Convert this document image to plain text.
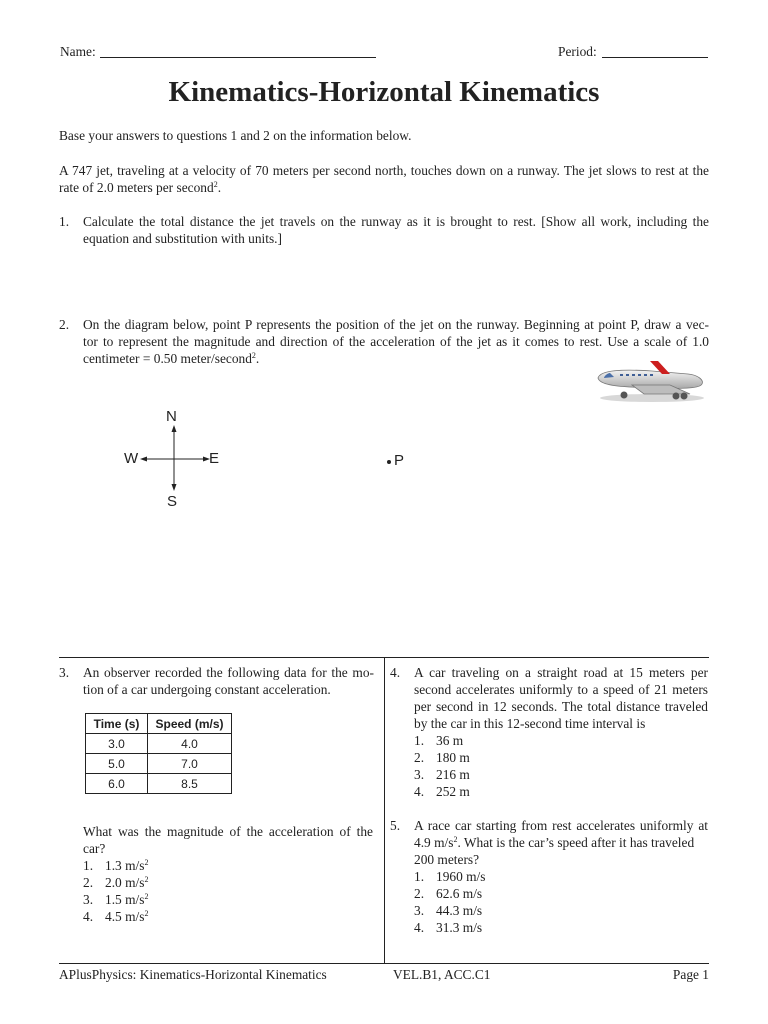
Name:	Period:
Kinematics-Horizontal Kinematics
Base your answers to questions 1 and 2 on the information below.
A 747 jet, traveling at a velocity of 70 meters per second north, touches down on a runway. The jet slows to rest at the
rate of 2.0 meters per second$^2$.
1. Calculate the total distance the jet travels on the runway as it is brought to rest. [Show all work, including the
equation and substitution with units.]
2. On the diagram below, point P represents the position of the jet on the runway. Beginning at point P, draw a vec-
tor to represent the magnitude and direction of the acceleration of the jet as it comes to rest. Use a scale of 1.0
centimeter = 0.50 meter/second$^2$.
N
S
W	E	P
3. An observer recorded the following data for the mo-
tion of a car undergoing constant acceleration.
Time (s)	Speed (m/s)
3.0	4.0
5.0	7.0
6.0	8.5
What was the magnitude of the acceleration of the
car?
1. 1.3 $m/s^2$
2. 2.0 $m/s^2$
3. 1.5 $m/s^2$
4. 4.5 $m/s^2$
4. A car traveling on a straight road at 15 meters per
second accelerates uniformly to a speed of 21 meters
per second in 12 seconds. The total distance traveled
by the car in this 12-second time interval is
1. 36 m
2. 180 m
3. 216 m
4. 252 m
5. A race car starting from rest accelerates uniformly at
4.9 $m/s^2$. What is the car’s speed after it has traveled
200 meters?
1. 1960 m/s
2. 62.6 m/s
3. 44.3 m/s
4. 31.3 m/s
APlusPhysics: Kinematics-Horizontal Kinematics	VEL.B1, ACC.C1	Page 1
